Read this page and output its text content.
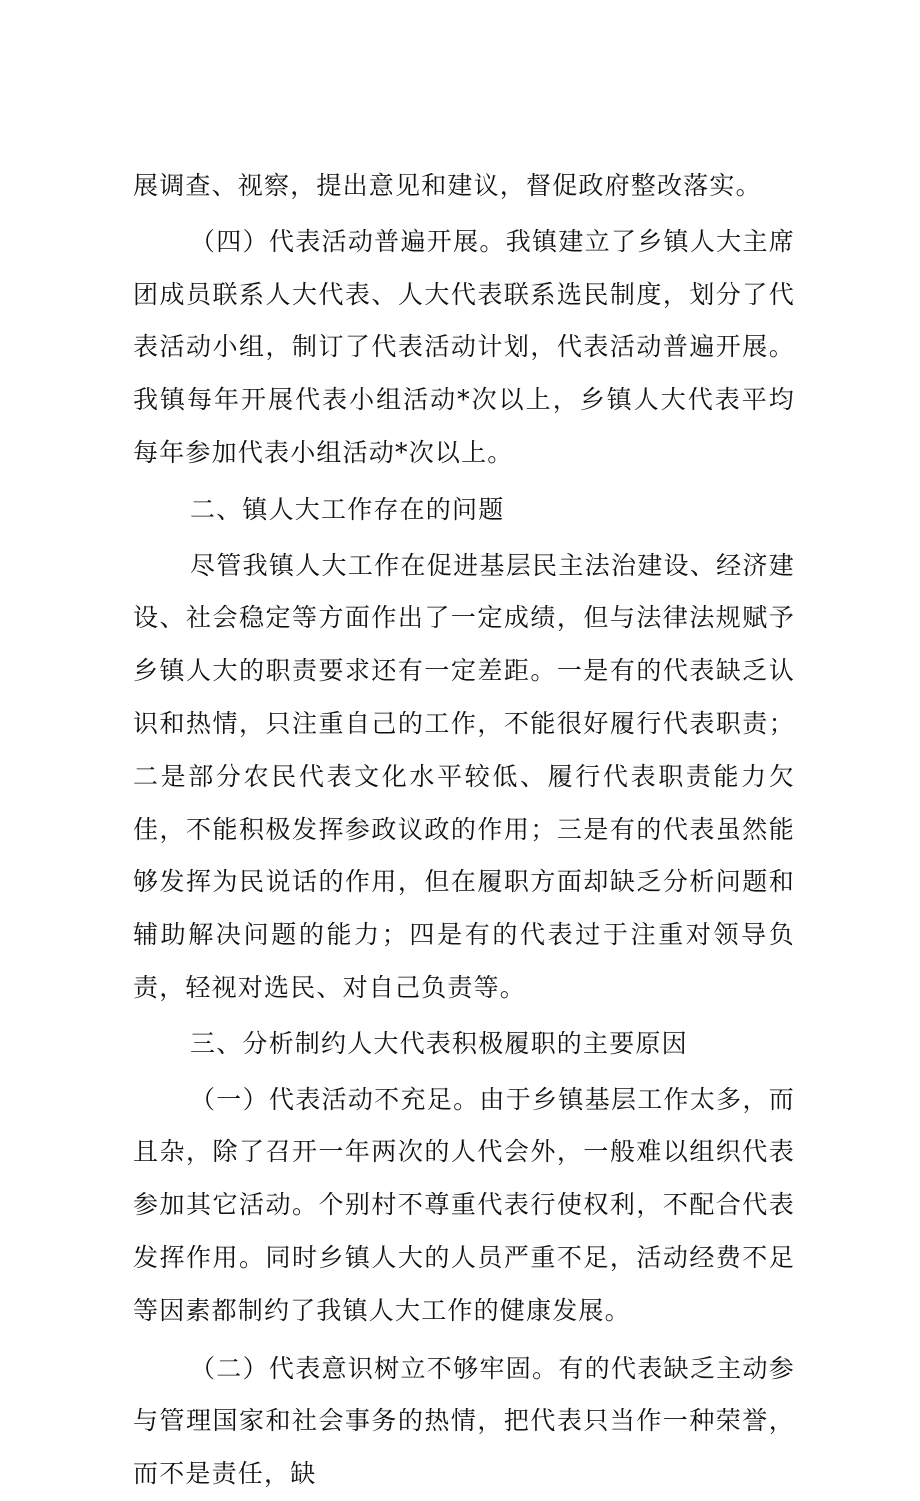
展调查、视察，提出意见和建议，督促政府整改落实。

（四）代表活动普遍开展。我镇建立了乡镇人大主席团成员联系人大代表、人大代表联系选民制度，划分了代表活动小组，制订了代表活动计划，代表活动普遍开展。我镇每年开展代表小组活动*次以上，乡镇人大代表平均每年参加代表小组活动*次以上。

二、镇人大工作存在的问题

尽管我镇人大工作在促进基层民主法治建设、经济建设、社会稳定等方面作出了一定成绩，但与法律法规赋予乡镇人大的职责要求还有一定差距。一是有的代表缺乏认识和热情，只注重自己的工作，不能很好履行代表职责；二是部分农民代表文化水平较低、履行代表职责能力欠佳，不能积极发挥参政议政的作用；三是有的代表虽然能够发挥为民说话的作用，但在履职方面却缺乏分析问题和辅助解决问题的能力；四是有的代表过于注重对领导负责，轻视对选民、对自己负责等。

三、分析制约人大代表积极履职的主要原因

（一）代表活动不充足。由于乡镇基层工作太多，而且杂，除了召开一年两次的人代会外，一般难以组织代表参加其它活动。个别村不尊重代表行使权利，不配合代表发挥作用。同时乡镇人大的人员严重不足，活动经费不足等因素都制约了我镇人大工作的健康发展。

（二）代表意识树立不够牢固。有的代表缺乏主动参与管理国家和社会事务的热情，把代表只当作一种荣誉，而不是责任，缺
